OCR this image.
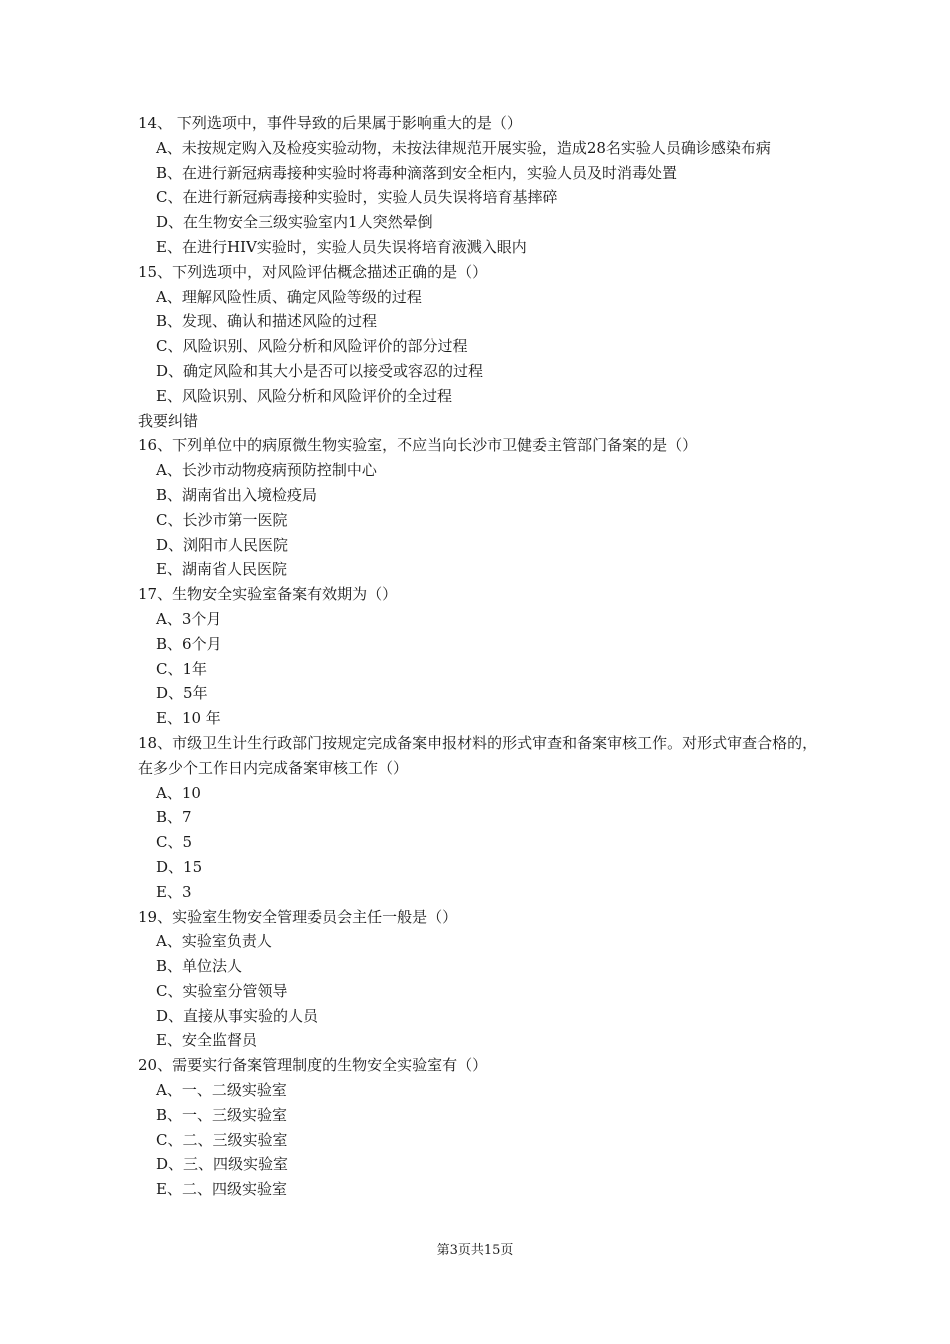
14、 下列选项中，事件导致的后果属于影响重大的是（）
A、未按规定购入及检疫实验动物，未按法律规范开展实验，造成28名实验人员确诊感染布病
B、在进行新冠病毒接种实验时将毒种滴落到安全柜内，实验人员及时消毒处置
C、在进行新冠病毒接种实验时，实验人员失误将培育基摔碎
D、在生物安全三级实验室内1人突然晕倒
E、在进行HIV实验时，实验人员失误将培育液溅入眼内
15、下列选项中，对风险评估概念描述正确的是（）
A、理解风险性质、确定风险等级的过程
B、发现、确认和描述风险的过程
C、风险识别、风险分析和风险评价的部分过程
D、确定风险和其大小是否可以接受或容忍的过程
E、风险识别、风险分析和风险评价的全过程
我要纠错
16、下列单位中的病原微生物实验室，不应当向长沙市卫健委主管部门备案的是（）
A、长沙市动物疫病预防控制中心
B、湖南省出入境检疫局
C、长沙市第一医院
D、浏阳市人民医院
E、湖南省人民医院
17、生物安全实验室备案有效期为（）
A、3个月
B、6个月
C、1年
D、5年
E、10 年
18、市级卫生计生行政部门按规定完成备案申报材料的形式审查和备案审核工作。对形式审查合格的，在多少个工作日内完成备案审核工作（）
A、10
B、7
C、5
D、15
E、3
19、实验室生物安全管理委员会主任一般是（）
A、实验室负责人
B、单位法人
C、实验室分管领导
D、直接从事实验的人员
E、安全监督员
20、需要实行备案管理制度的生物安全实验室有（）
A、一、二级实验室
B、一、三级实验室
C、二、三级实验室
D、三、四级实验室
E、二、四级实验室
第3页共15页
